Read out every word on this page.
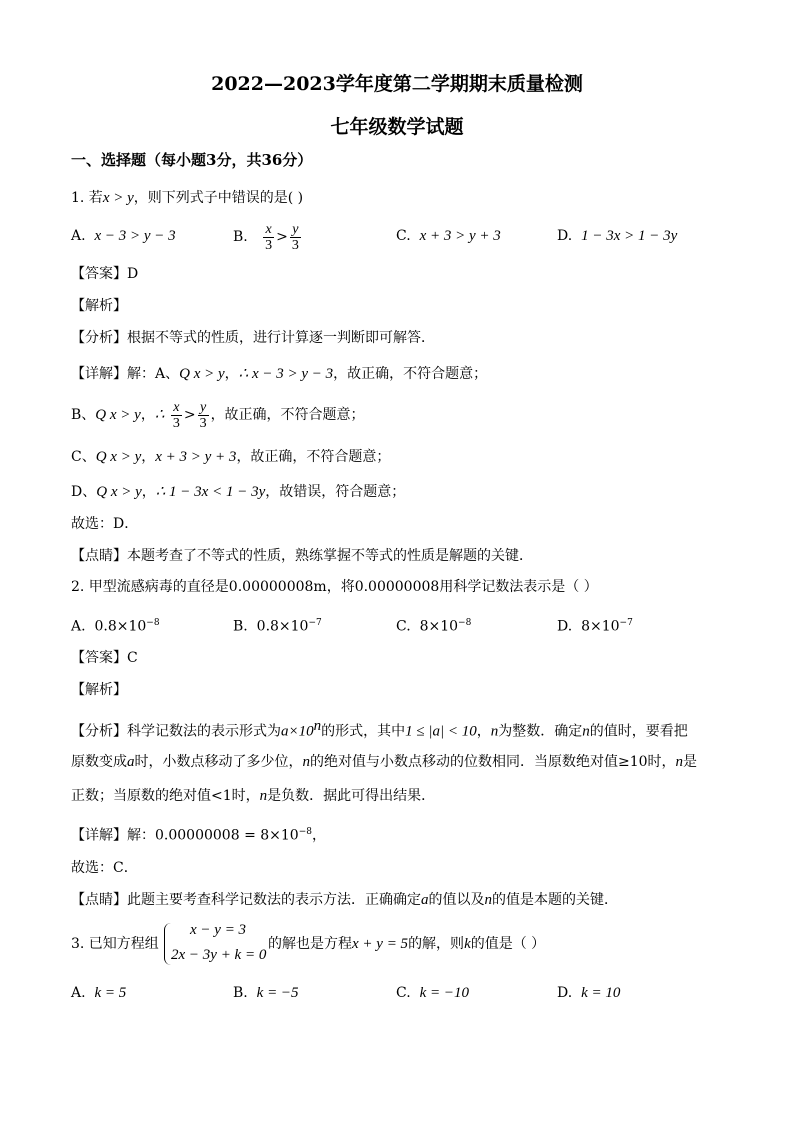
2022—2023学年度第二学期期末质量检测
七年级数学试题
一、选择题（每小题3分，共36分）
1. 若x > y，则下列式子中错误的是( )
A. x − 3 > y − 3	B. $\frac{x}{3} > \frac{y}{3}$	C. x + 3 > y + 3	D. 1 − 3x > 1 − 3y
【答案】D
【解析】
【分析】根据不等式的性质，进行计算逐一判断即可解答．
【详解】解：A、Q x > y，∴ x − 3 > y − 3，故正确，不符合题意；
B、Q x > y，∴ $\frac{x}{3} > \frac{y}{3}$ ，故正确，不符合题意；
C、Q x > y，x + 3 > y + 3，故正确，不符合题意；
D、Q x > y，∴ 1 − 3x < 1 − 3y，故错误，符合题意；
故选：D．
【点睛】本题考查了不等式的性质，熟练掌握不等式的性质是解题的关键．
2. 甲型流感病毒的直径是0.00000008m，将0.00000008用科学记数法表示是（ ）
A. $0.8\times 10^{-8}$	B. $0.8\times 10^{-7}$	C. $8\times 10^{-8}$	D. $8\times 10^{-7}$
【答案】C
【解析】
【分析】科学记数法的表示形式为$a\times 10^n$的形式，其中1 ≤ |a| < 10，n为整数．确定n的值时，要看把
原数变成a时，小数点移动了多少位，n的绝对值与小数点移动的位数相同．当原数绝对值≥10时，n是
正数；当原数的绝对值<1时，n是负数．据此可得出结果．
【详解】解：$0.00000008 = 8\times 10^{-8}$，
故选：C．
【点睛】此题主要考查科学记数法的表示方法．正确确定a的值以及n的值是本题的关键．
3. 已知方程组
x − y = 3
2x − 3y + k = 0
的解也是方程x + y = 5的解，则k的值是（ ）
A. k = 5	B. k = −5	C. k = −10	D. k = 10
